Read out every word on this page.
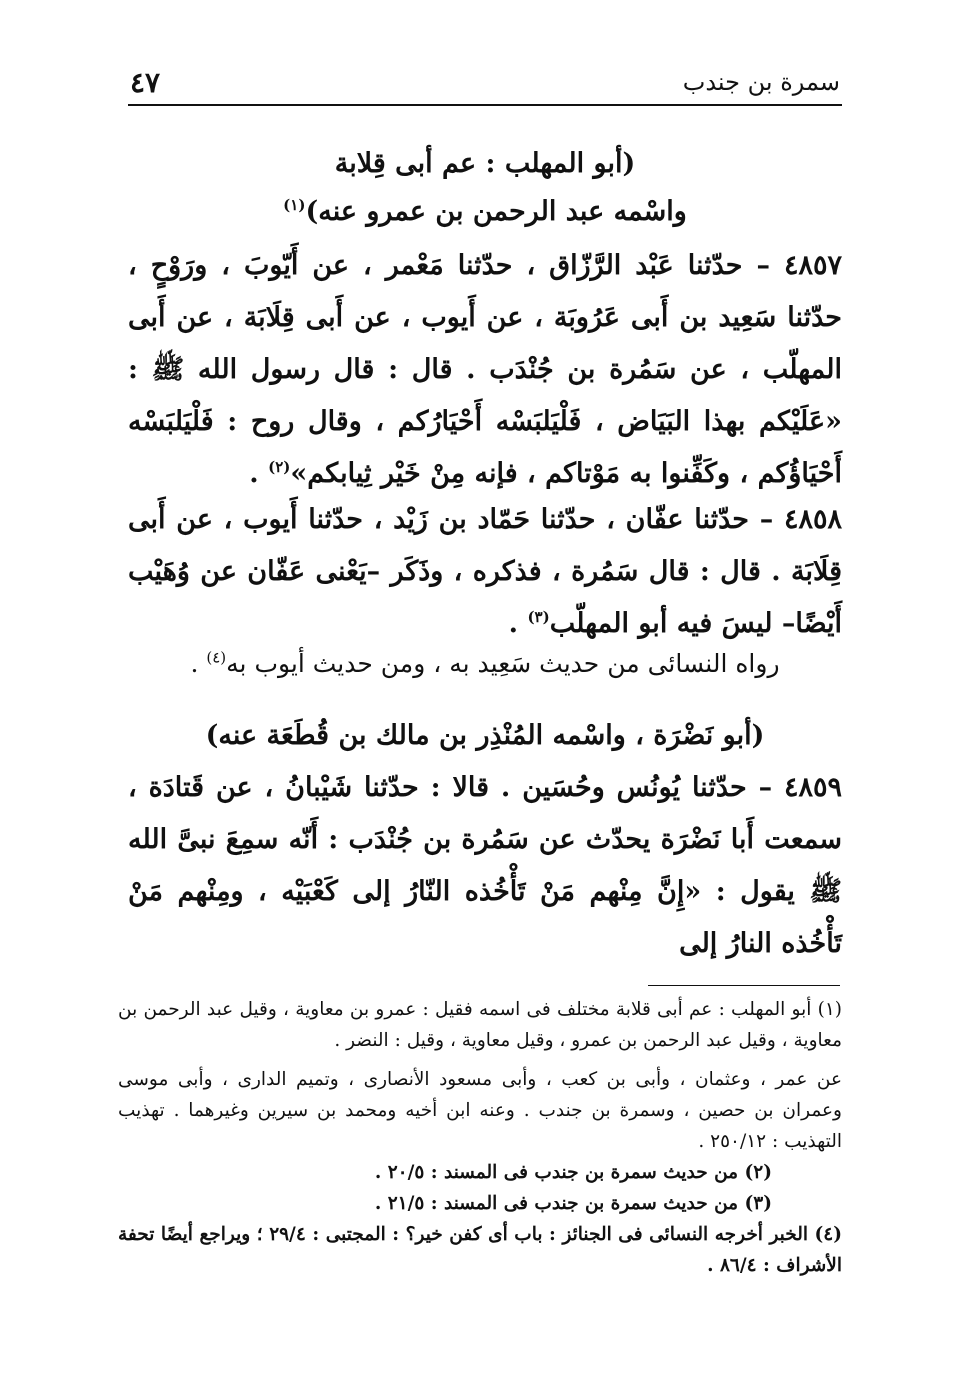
سمرة بن جندب
٤٧
(أبو المهلب : عم أبى قِلابة
واسْمه عبد الرحمن بن عمرو عنه)$^{(١)}$
٤٨٥٧ – حدّثنا عَبْد الرَّزّاق ، حدّثنا مَعْمر ، عن أَيّوبَ ، ورَوْحٍ ، حدّثنا سَعِيد بن أَبى عَرُوبَة ، عن أَيوب ، عن أَبى قِلَابَة ، عن أَبى المهلّب ، عن سَمُرة بن جُنْدَب . قال : قال رسول الله ﷺ : «عَلَيْكم بهذا البَيَاض ، فَلْيَلبَسْه أَحْيَارُكم ، وقال روح : فَلْيَلبَسْه أَحْيَاؤُكم ، وكَفِّنوا به مَوْتاكم ، فإنه مِنْ خَيْر ثِيابكم»$^{(٢)}$ .
٤٨٥٨ – حدّثنا عفّان ، حدّثنا حَمّاد بن زَيْد ، حدّثنا أَيوب ، عن أَبى قِلَابَة . قال : قال سَمُرة ، فذكره ، وذَكَر –يَعْنى عَفّان عن وُهَيْب أَيْضًا– ليسَ فيه أبو المهلّب$^{(٣)}$ .
رواه النسائى من حديث سَعِيد به ، ومن حديث أيوب به$^{(٤)}$ .
(أبو نَضْرَة ، واسْمه المُنْذِر بن مالك بن قُطَعَة عنه)
٤٨٥٩ – حدّثنا يُونُس وحُسَين . قالا : حدّثنا شَيْبانُ ، عن قَتادَة ، سمعت أَبا نَضْرَة يحدّث عن سَمُرة بن جُنْدَب : أَنّه سمِعَ نبىَّ الله ﷺ يقول : «إِنَّ مِنْهم مَنْ تَأْخُذه النّارُ إلى كَعْبَيْه ، ومِنْهم مَنْ تَأْخُذه النارُ إلى
(١) أبو المهلب : عم أبى قلابة مختلف فى اسمه فقيل : عمرو بن معاوية ، وقيل عبد الرحمن بن معاوية ، وقيل عبد الرحمن بن عمرو ، وقيل معاوية ، وقيل : النضر .
عن عمر ، وعثمان ، وأبى بن كعب ، وأبى مسعود الأنصارى ، وتميم الدارى ، وأبى موسى وعمران بن حصين ، وسمرة بن جندب . وعنه ابن أخيه ومحمد بن سيرين وغيرهما . تهذيب التهذيب : ٢٥٠/١٢ .
(٢) من حديث سمرة بن جندب فى المسند : ٢٠/٥ .
(٣) من حديث سمرة بن جندب فى المسند : ٢١/٥ .
(٤) الخبر أخرجه النسائى فى الجنائز : باب أى كفن خير؟ : المجتبى : ٢٩/٤ ؛ ويراجع أيضًا تحفة الأشراف : ٨٦/٤ .
